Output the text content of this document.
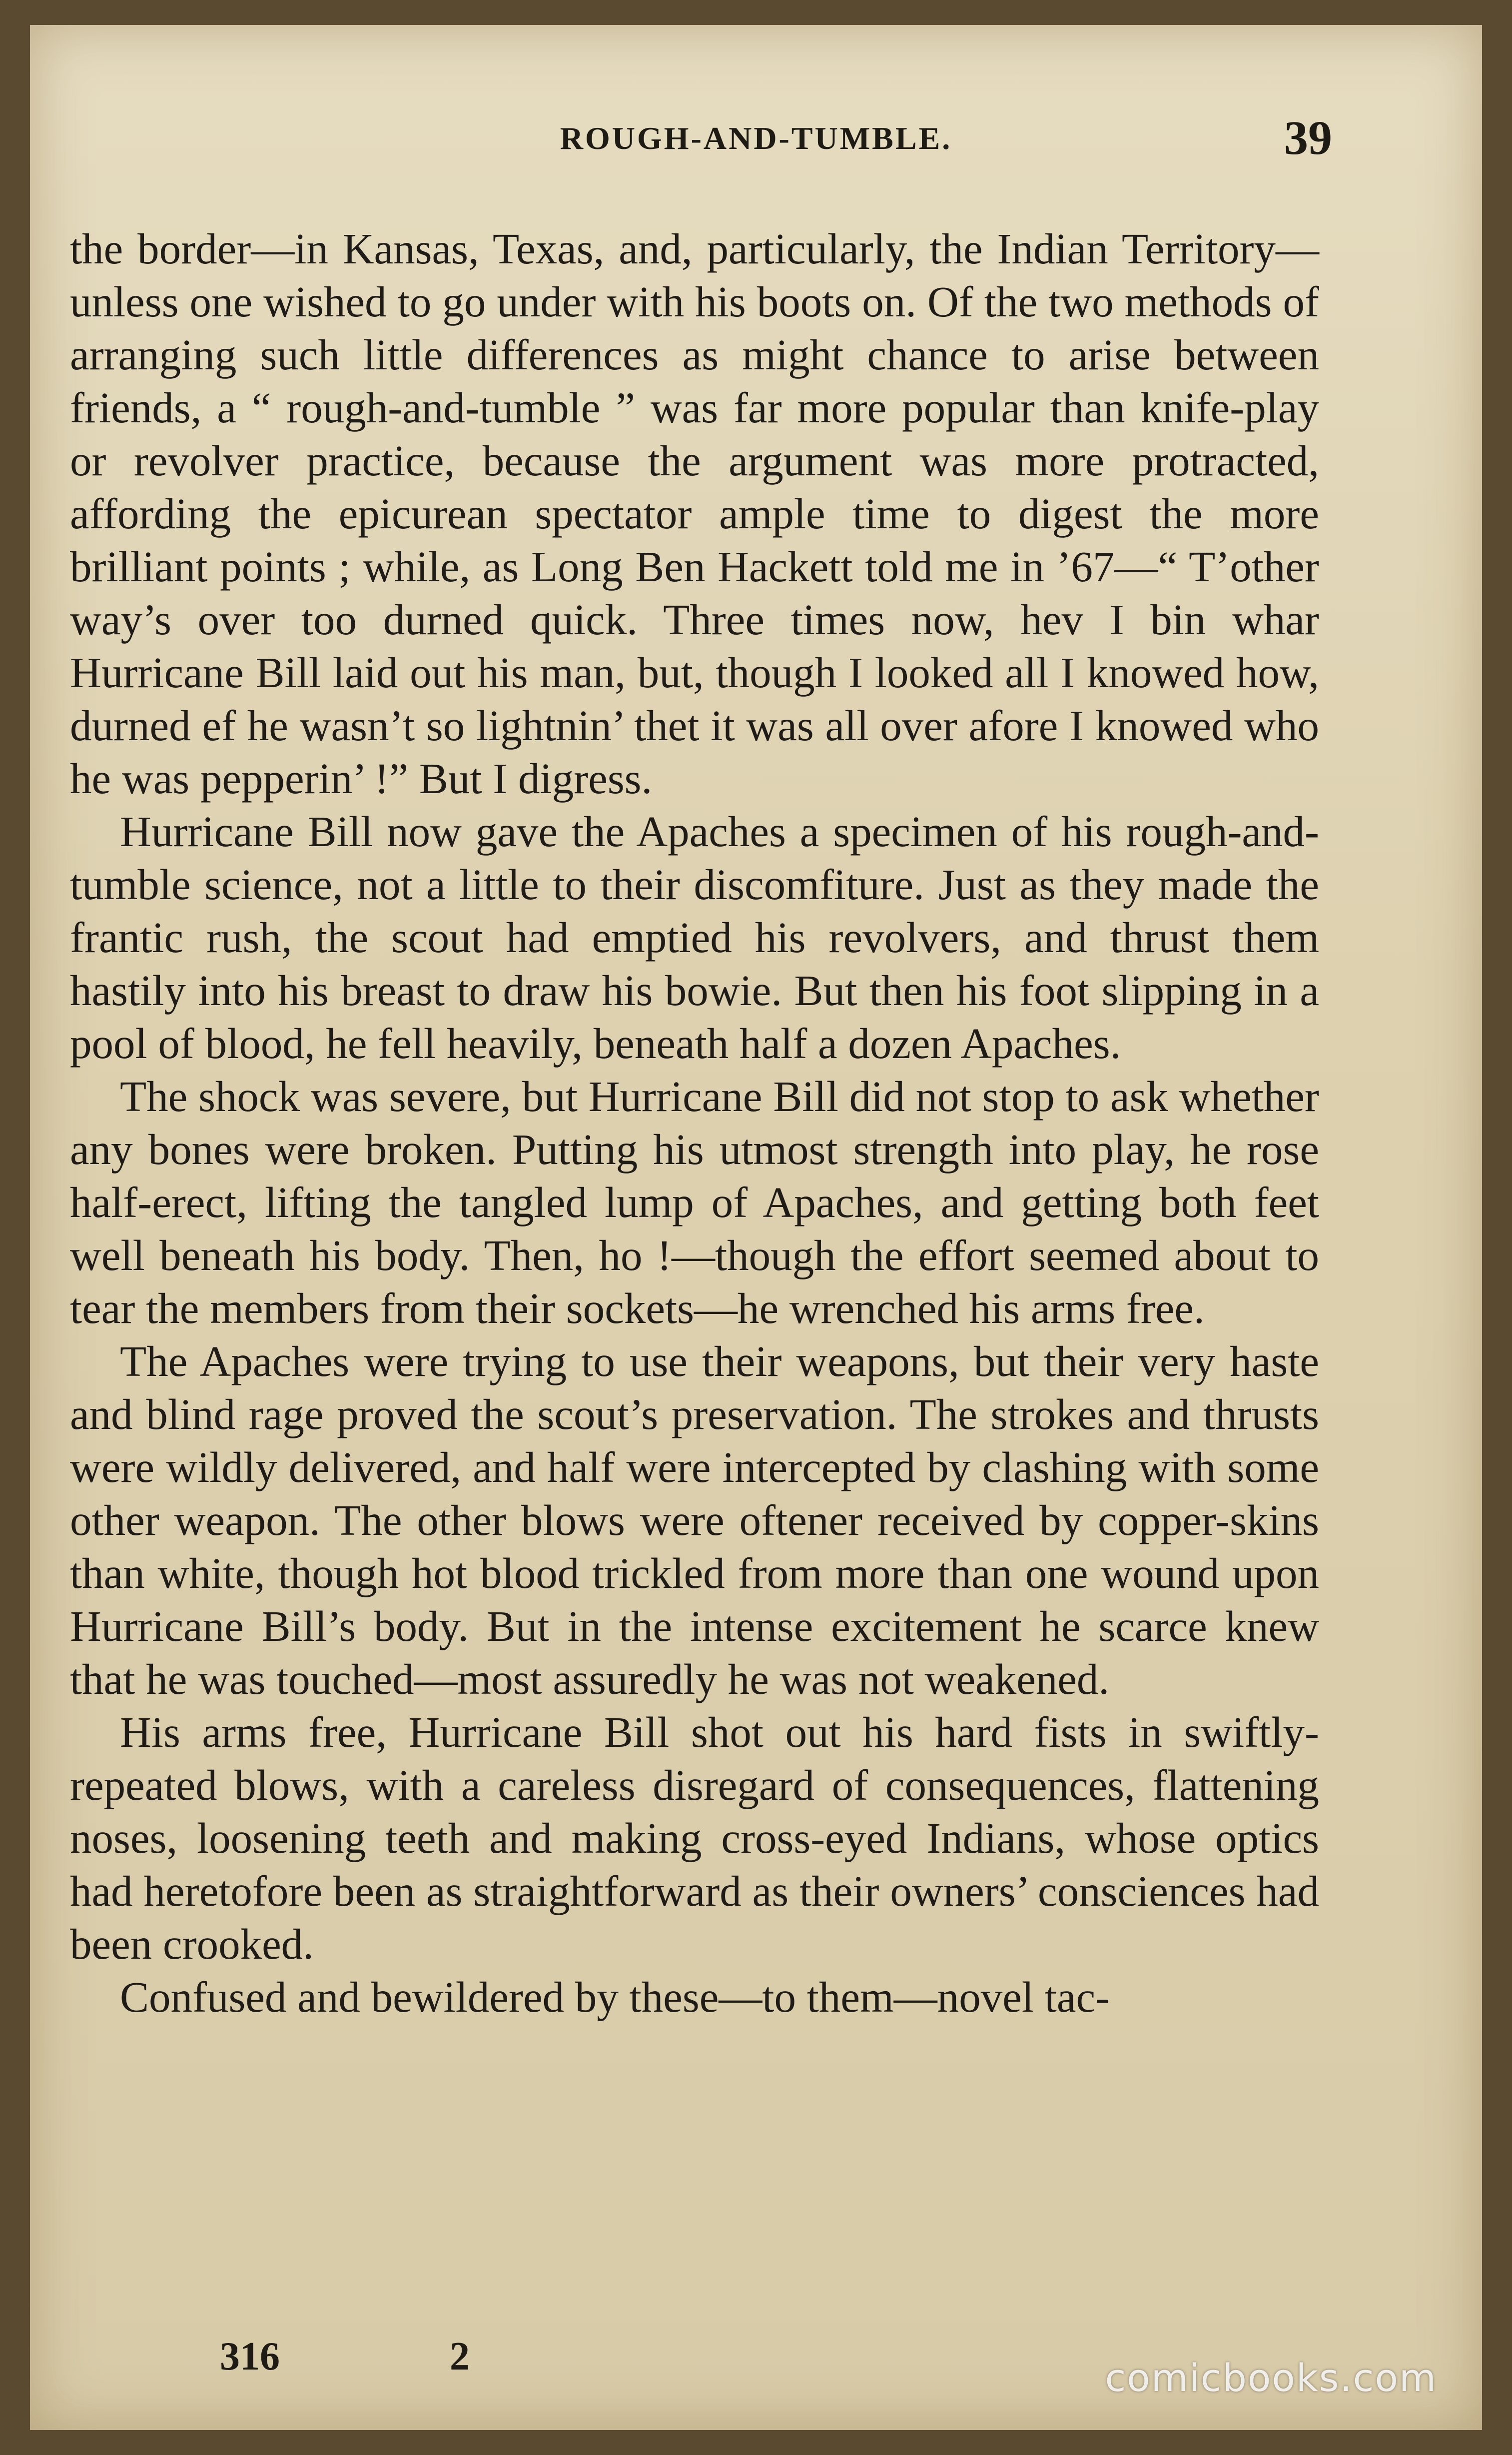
ROUGH-AND-TUMBLE.	39

the border—in Kansas, Texas, and, particularly, the Indian Territory—unless one wished to go under with his boots on. Of the two methods of arranging such little differences as might chance to arise between friends, a “ rough-and-tumble ” was far more popular than knife-play or revolver practice, because the argument was more protracted, affording the epicurean spectator ample time to digest the more brilliant points ; while, as Long Ben Hackett told me in ’67—“ T’other way’s over too durned quick. Three times now, hev I bin whar Hurricane Bill laid out his man, but, though I looked all I knowed how, durned ef he wasn’t so lightnin’ thet it was all over afore I knowed who he was pepperin’ !” But I digress.

Hurricane Bill now gave the Apaches a specimen of his rough-and-tumble science, not a little to their discomfiture. Just as they made the frantic rush, the scout had emptied his revolvers, and thrust them hastily into his breast to draw his bowie. But then his foot slipping in a pool of blood, he fell heavily, beneath half a dozen Apaches.

The shock was severe, but Hurricane Bill did not stop to ask whether any bones were broken. Putting his utmost strength into play, he rose half-erect, lifting the tangled lump of Apaches, and getting both feet well beneath his body. Then, ho !—though the effort seemed about to tear the members from their sockets—he wrenched his arms free.

The Apaches were trying to use their weapons, but their very haste and blind rage proved the scout’s preservation. The strokes and thrusts were wildly delivered, and half were intercepted by clashing with some other weapon. The other blows were oftener received by copper-skins than white, though hot blood trickled from more than one wound upon Hurricane Bill’s body. But in the intense excitement he scarce knew that he was touched—most assuredly he was not weakened.

His arms free, Hurricane Bill shot out his hard fists in swiftly-repeated blows, with a careless disregard of consequences, flattening noses, loosening teeth and making cross-eyed Indians, whose optics had heretofore been as straightforward as their owners’ consciences had been crooked.

Confused and bewildered by these—to them—novel tac-

316	2	comicbooks.com
